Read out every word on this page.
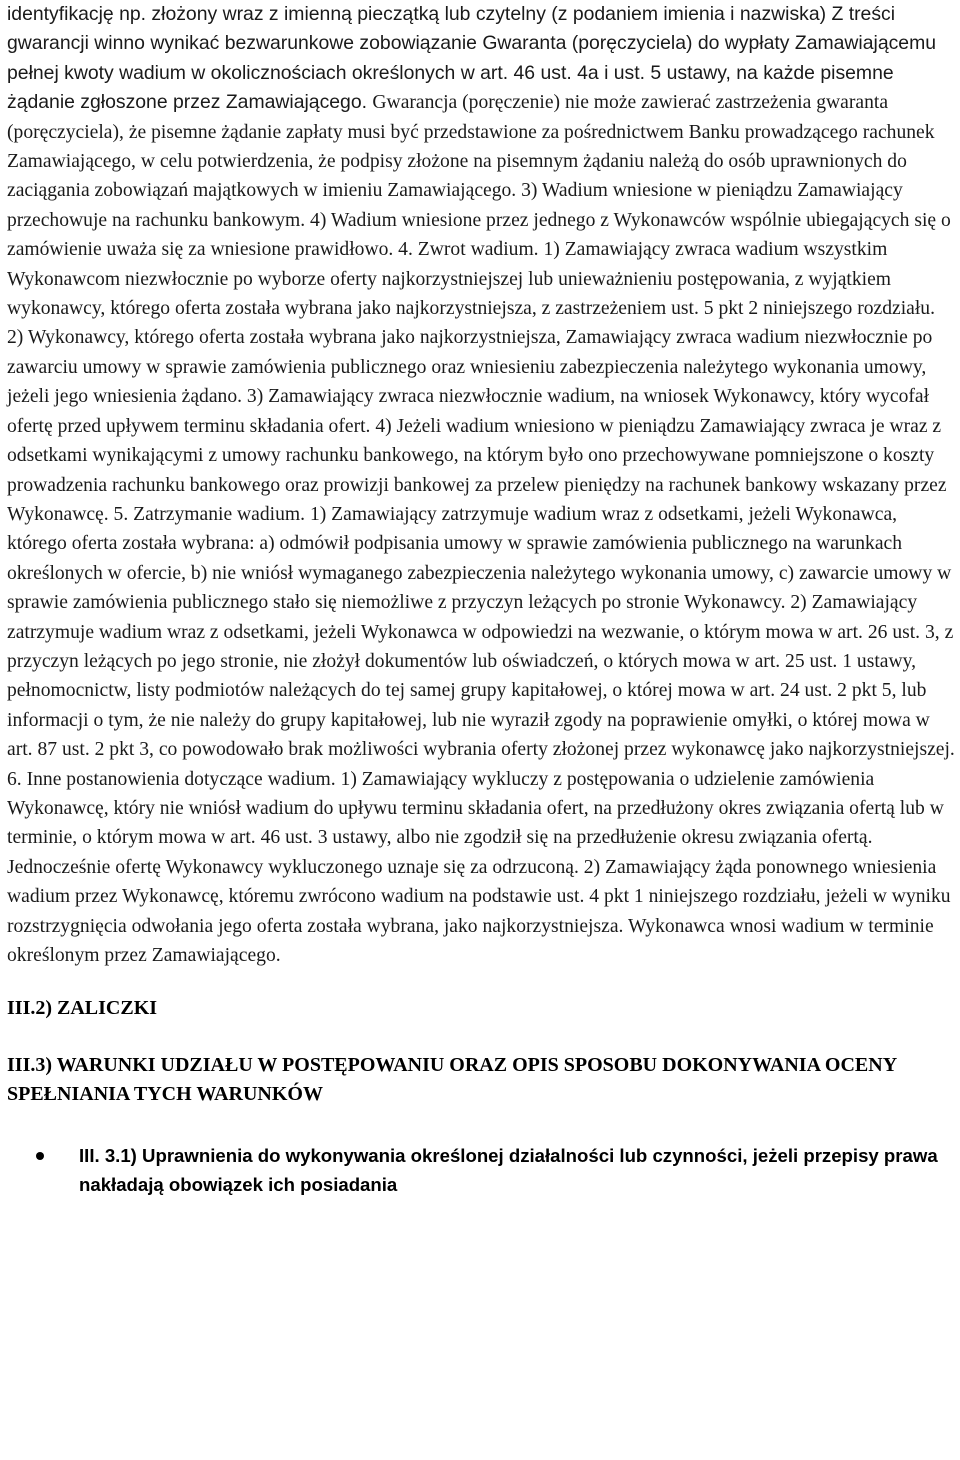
identyfikację np. złożony wraz z imienną pieczątką lub czytelny (z podaniem imienia i nazwiska) Z treści gwarancji winno wynikać bezwarunkowe zobowiązanie Gwaranta (poręczyciela) do wypłaty Zamawiającemu pełnej kwoty wadium w okolicznościach określonych w art. 46 ust. 4a i ust. 5 ustawy, na każde pisemne żądanie zgłoszone przez Zamawiającego. Gwarancja (poręczenie) nie może zawierać zastrzeżenia gwaranta (poręczyciela), że pisemne żądanie zapłaty musi być przedstawione za pośrednictwem Banku prowadzącego rachunek Zamawiającego, w celu potwierdzenia, że podpisy złożone na pisemnym żądaniu należą do osób uprawnionych do zaciągania zobowiązań majątkowych w imieniu Zamawiającego. 3) Wadium wniesione w pieniądzu Zamawiający przechowuje na rachunku bankowym. 4) Wadium wniesione przez jednego z Wykonawców wspólnie ubiegających się o zamówienie uważa się za wniesione prawidłowo. 4. Zwrot wadium. 1) Zamawiający zwraca wadium wszystkim Wykonawcom niezwłocznie po wyborze oferty najkorzystniejszej lub unieważnieniu postępowania, z wyjątkiem wykonawcy, którego oferta została wybrana jako najkorzystniejsza, z zastrzeżeniem ust. 5 pkt 2 niniejszego rozdziału. 2) Wykonawcy, którego oferta została wybrana jako najkorzystniejsza, Zamawiający zwraca wadium niezwłocznie po zawarciu umowy w sprawie zamówienia publicznego oraz wniesieniu zabezpieczenia należytego wykonania umowy, jeżeli jego wniesienia żądano. 3) Zamawiający zwraca niezwłocznie wadium, na wniosek Wykonawcy, który wycofał ofertę przed upływem terminu składania ofert. 4) Jeżeli wadium wniesiono w pieniądzu Zamawiający zwraca je wraz z odsetkami wynikającymi z umowy rachunku bankowego, na którym było ono przechowywane pomniejszone o koszty prowadzenia rachunku bankowego oraz prowizji bankowej za przelew pieniędzy na rachunek bankowy wskazany przez Wykonawcę. 5. Zatrzymanie wadium. 1) Zamawiający zatrzymuje wadium wraz z odsetkami, jeżeli Wykonawca, którego oferta została wybrana: a) odmówił podpisania umowy w sprawie zamówienia publicznego na warunkach określonych w ofercie, b) nie wniósł wymaganego zabezpieczenia należytego wykonania umowy, c) zawarcie umowy w sprawie zamówienia publicznego stało się niemożliwe z przyczyn leżących po stronie Wykonawcy. 2) Zamawiający zatrzymuje wadium wraz z odsetkami, jeżeli Wykonawca w odpowiedzi na wezwanie, o którym mowa w art. 26 ust. 3, z przyczyn leżących po jego stronie, nie złożył dokumentów lub oświadczeń, o których mowa w art. 25 ust. 1 ustawy, pełnomocnictw, listy podmiotów należących do tej samej grupy kapitałowej, o której mowa w art. 24 ust. 2 pkt 5, lub informacji o tym, że nie należy do grupy kapitałowej, lub nie wyraził zgody na poprawienie omyłki, o której mowa w art. 87 ust. 2 pkt 3, co powodowało brak możliwości wybrania oferty złożonej przez wykonawcę jako najkorzystniejszej. 6. Inne postanowienia dotyczące wadium. 1) Zamawiający wykluczy z postępowania o udzielenie zamówienia Wykonawcę, który nie wniósł wadium do upływu terminu składania ofert, na przedłużony okres związania ofertą lub w terminie, o którym mowa w art. 46 ust. 3 ustawy, albo nie zgodził się na przedłużenie okresu związania ofertą. Jednocześnie ofertę Wykonawcy wykluczonego uznaje się za odrzuconą. 2) Zamawiający żąda ponownego wniesienia wadium przez Wykonawcę, któremu zwrócono wadium na podstawie ust. 4 pkt 1 niniejszego rozdziału, jeżeli w wyniku rozstrzygnięcia odwołania jego oferta została wybrana, jako najkorzystniejsza. Wykonawca wnosi wadium w terminie określonym przez Zamawiającego.

III.2) ZALICZKI

III.3) WARUNKI UDZIAŁU W POSTĘPOWANIU ORAZ OPIS SPOSOBU DOKONYWANIA OCENY SPEŁNIANIA TYCH WARUNKÓW

III. 3.1) Uprawnienia do wykonywania określonej działalności lub czynności, jeżeli przepisy prawa nakładają obowiązek ich posiadania
